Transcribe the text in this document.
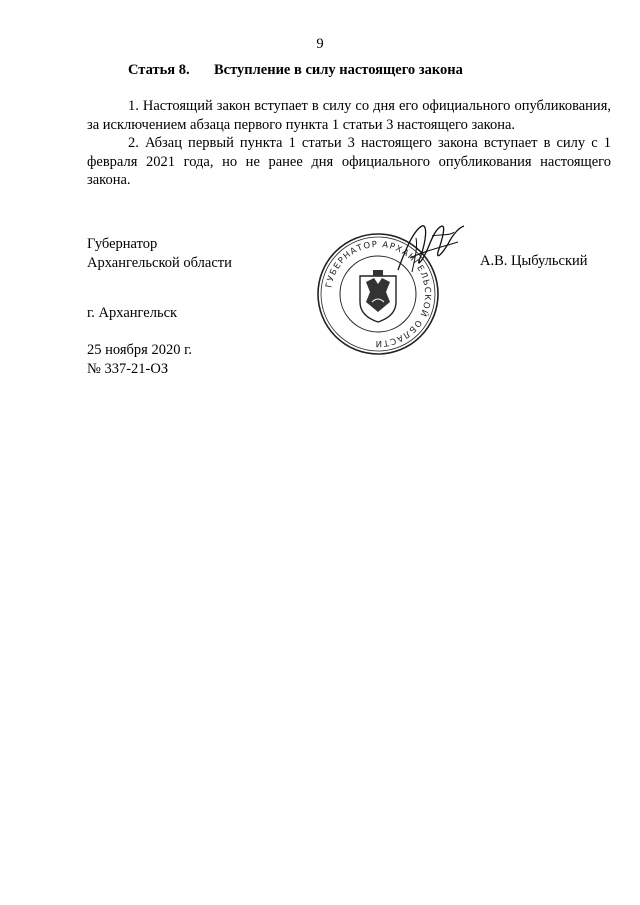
9
Статья 8. Вступление в силу настоящего закона

1. Настоящий закон вступает в силу со дня его официального опубликования, за исключением абзаца первого пункта 1 статьи 3 настоящего закона.

2. Абзац первый пункта 1 статьи 3 настоящего закона вступает в силу с 1 февраля 2021 года, но не ранее дня официального опубликования настоящего закона.

Губернатор
Архангельской области
ГУБЕРНАТОР АРХАНГЕЛЬСКОЙ ОБЛАСТИ
А.В. Цыбульский
г. Архангельск
25 ноября 2020 г.
№ 337-21-ОЗ
